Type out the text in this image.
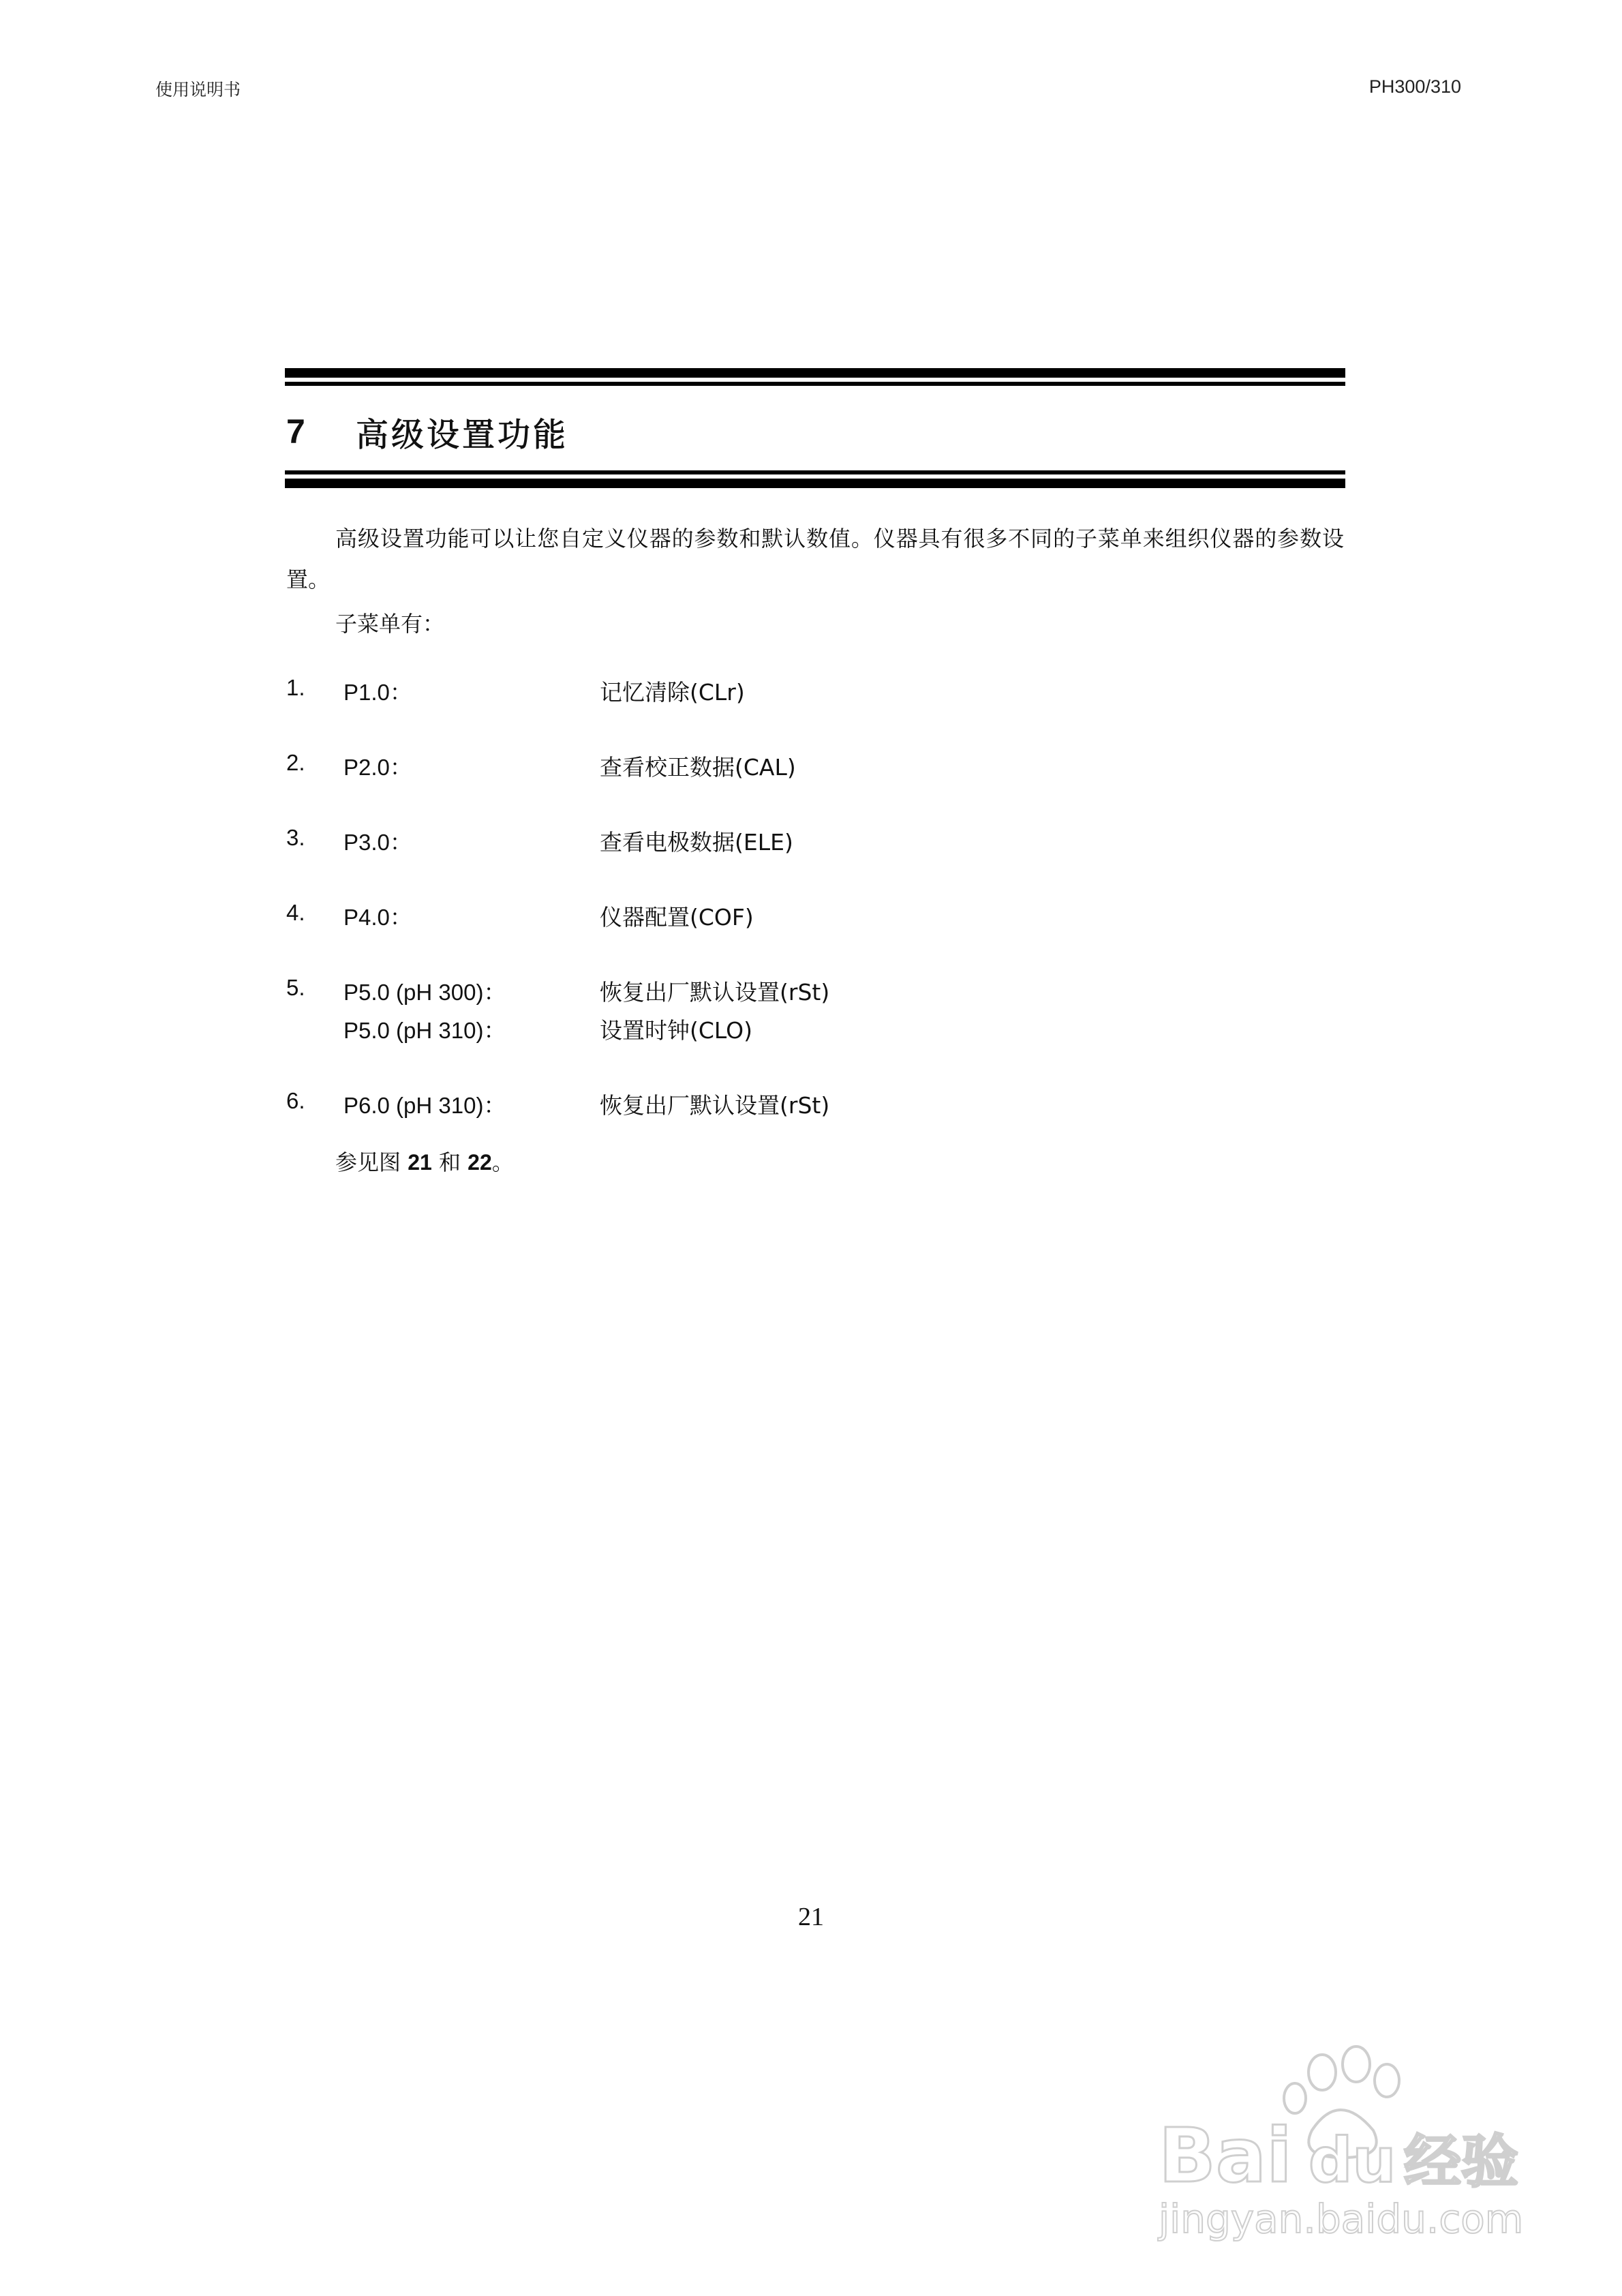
使用说明书	PH300/310
7	高级设置功能

高级设置功能可以让您自定义仪器的参数和默认数值。仪器具有很多不同的子菜单来组织仪器的参数设置。

子菜单有：
1. P1.0：	记忆清除(CLr)
2. P2.0：	查看校正数据(CAL)
3. P3.0：	查看电极数据(ELE)
4. P4.0：	仪器配置(COF)
5. P5.0 (pH 300)：	恢复出厂默认设置(rSt)
P5.0 (pH 310)：	设置时钟(CLO)
6. P6.0 (pH 310)：	恢复出厂默认设置(rSt)
参见图 21 和 22。
21
Bai du 经验
jingyan.baidu.com
